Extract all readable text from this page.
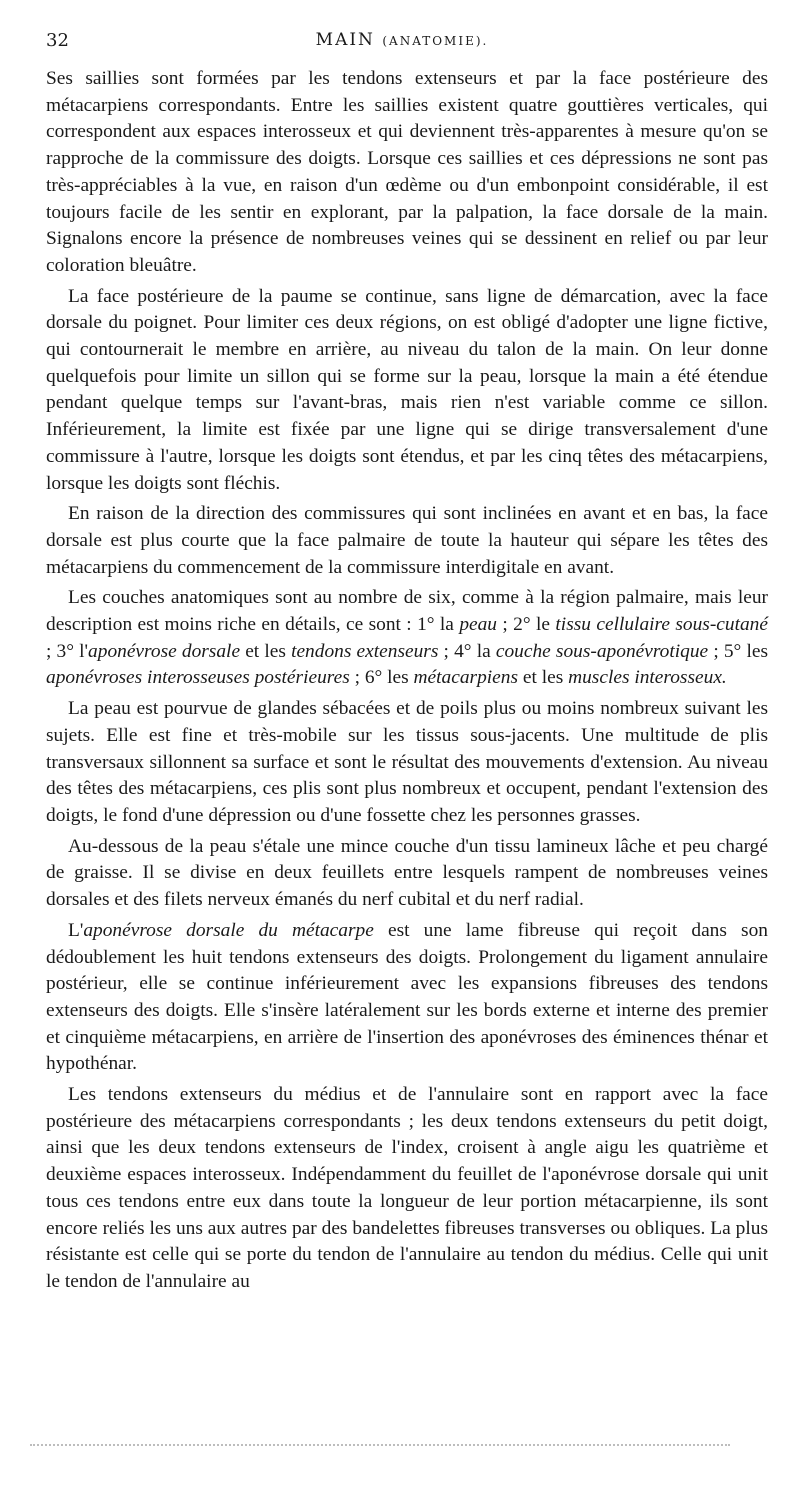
32	MAIN (ANATOMIE).

Ses saillies sont formées par les tendons extenseurs et par la face postérieure des métacarpiens correspondants. Entre les saillies existent quatre gouttières verticales, qui correspondent aux espaces interosseux et qui deviennent très-apparentes à mesure qu'on se rapproche de la commissure des doigts. Lorsque ces saillies et ces dépressions ne sont pas très-appréciables à la vue, en raison d'un œdème ou d'un embonpoint considérable, il est toujours facile de les sentir en explorant, par la palpation, la face dorsale de la main. Signalons encore la présence de nombreuses veines qui se dessinent en relief ou par leur coloration bleuâtre.

La face postérieure de la paume se continue, sans ligne de démarcation, avec la face dorsale du poignet. Pour limiter ces deux régions, on est obligé d'adopter une ligne fictive, qui contournerait le membre en arrière, au niveau du talon de la main. On leur donne quelquefois pour limite un sillon qui se forme sur la peau, lorsque la main a été étendue pendant quelque temps sur l'avant-bras, mais rien n'est variable comme ce sillon. Inférieurement, la limite est fixée par une ligne qui se dirige transversalement d'une commissure à l'autre, lorsque les doigts sont étendus, et par les cinq têtes des métacarpiens, lorsque les doigts sont fléchis.

En raison de la direction des commissures qui sont inclinées en avant et en bas, la face dorsale est plus courte que la face palmaire de toute la hauteur qui sépare les têtes des métacarpiens du commencement de la commissure interdigitale en avant.

Les couches anatomiques sont au nombre de six, comme à la région palmaire, mais leur description est moins riche en détails, ce sont : 1° la peau ; 2° le tissu cellulaire sous-cutané ; 3° l'aponévrose dorsale et les tendons extenseurs ; 4° la couche sous-aponévrotique ; 5° les aponévroses interosseuses postérieures ; 6° les métacarpiens et les muscles interosseux.

La peau est pourvue de glandes sébacées et de poils plus ou moins nombreux suivant les sujets. Elle est fine et très-mobile sur les tissus sous-jacents. Une multitude de plis transversaux sillonnent sa surface et sont le résultat des mouvements d'extension. Au niveau des têtes des métacarpiens, ces plis sont plus nombreux et occupent, pendant l'extension des doigts, le fond d'une dépression ou d'une fossette chez les personnes grasses.

Au-dessous de la peau s'étale une mince couche d'un tissu lamineux lâche et peu chargé de graisse. Il se divise en deux feuillets entre lesquels rampent de nombreuses veines dorsales et des filets nerveux émanés du nerf cubital et du nerf radial.

L'aponévrose dorsale du métacarpe est une lame fibreuse qui reçoit dans son dédoublement les huit tendons extenseurs des doigts. Prolongement du ligament annulaire postérieur, elle se continue inférieurement avec les expansions fibreuses des tendons extenseurs des doigts. Elle s'insère latéralement sur les bords externe et interne des premier et cinquième métacarpiens, en arrière de l'insertion des aponévroses des éminences thénar et hypothénar.

Les tendons extenseurs du médius et de l'annulaire sont en rapport avec la face postérieure des métacarpiens correspondants ; les deux tendons extenseurs du petit doigt, ainsi que les deux tendons extenseurs de l'index, croisent à angle aigu les quatrième et deuxième espaces interosseux. Indépendamment du feuillet de l'aponévrose dorsale qui unit tous ces tendons entre eux dans toute la longueur de leur portion métacarpienne, ils sont encore reliés les uns aux autres par des bandelettes fibreuses transverses ou obliques. La plus résistante est celle qui se porte du tendon de l'annulaire au tendon du médius. Celle qui unit le tendon de l'annulaire au
